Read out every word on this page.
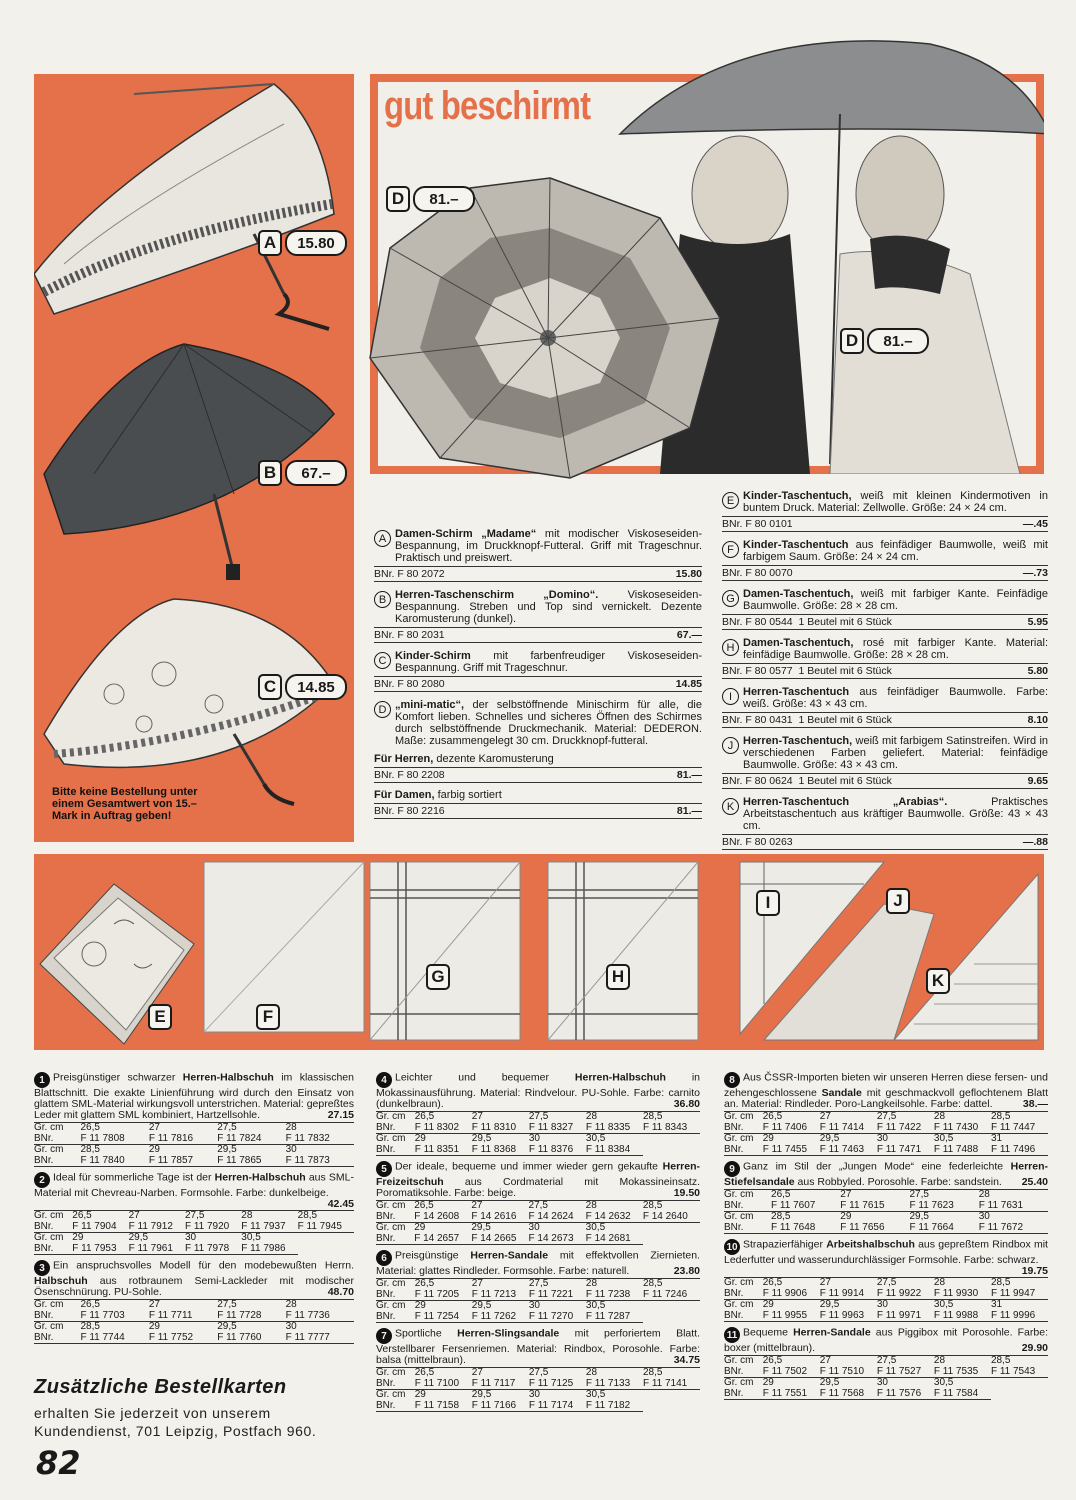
A	15.80
B	67.–
C	14.85
Bitte keine Bestellung unter einem Gesamtwert von 15.– Mark in Auftrag geben!
gut beschirmt
D	81.–
D	81.–
A Damen-Schirm „Madame“ mit modischer Viskoseseiden-Bespannung, im Druckknopf-Futteral. Griff mit Trageschnur. Praktisch und preiswert.
BNr. F 80 2072	15.80
B Herren-Taschenschirm „Domino“. Viskoseseiden-Bespannung. Streben und Top sind vernickelt. Dezente Karomusterung (dunkel).
BNr. F 80 2031	67.—
C Kinder-Schirm mit farbenfreudiger Viskoseseiden-Bespannung. Griff mit Trageschnur.
BNr. F 80 2080	14.85
D „mini-matic“, der selbstöffnende Minischirm für alle, die Komfort lieben. Schnelles und sicheres Öffnen des Schirmes durch selbstöffnende Druckmechanik. Material: DEDERON. Maße: zusammengelegt 30 cm. Druckknopf-futteral.
Für Herren, dezente Karomusterung
BNr. F 80 2208	81.—
Für Damen, farbig sortiert
BNr. F 80 2216	81.—
E Kinder-Taschentuch, weiß mit kleinen Kindermotiven in buntem Druck. Material: Zellwolle. Größe: 24 × 24 cm.
BNr. F 80 0101	—.45
F Kinder-Taschentuch aus feinfädiger Baumwolle, weiß mit farbigem Saum. Größe: 24 × 24 cm.
BNr. F 80 0070	—.73
G Damen-Taschentuch, weiß mit farbiger Kante. Feinfädige Baumwolle. Größe: 28 × 28 cm.
BNr. F 80 0544 1 Beutel mit 6 Stück	5.95
H Damen-Taschentuch, rosé mit farbiger Kante. Material: feinfädige Baumwolle. Größe: 28 × 28 cm.
BNr. F 80 0577 1 Beutel mit 6 Stück	5.80
I Herren-Taschentuch aus feinfädiger Baumwolle. Farbe: weiß. Größe: 43 × 43 cm.
BNr. F 80 0431 1 Beutel mit 6 Stück	8.10
J Herren-Taschentuch, weiß mit farbigem Satinstreifen. Wird in verschiedenen Farben geliefert. Material: feinfädige Baumwolle. Größe: 43 × 43 cm.
BNr. F 80 0624 1 Beutel mit 6 Stück	9.65
K Herren-Taschentuch „Arabias“. Praktisches Arbeitstaschentuch aus kräftiger Baumwolle. Größe: 43 × 43 cm.
BNr. F 80 0263	—.88
E	F
G	H
I	J
K
1 Preisgünstiger schwarzer Herren-Halbschuh im klassischen Blattschnitt. Die exakte Linienführung wird durch den Einsatz von glattem SML-Material wirkungsvoll unterstrichen. Material: gepreßtes Leder mit glattem SML kombiniert, Hartzellsohle.	27.15
Gr. cm	26,5	27	27,5	28
BNr.	F 11 7808	F 11 7816	F 11 7824	F 11 7832
Gr. cm	28,5	29	29,5	30
BNr.	F 11 7840	F 11 7857	F 11 7865	F 11 7873
2 Ideal für sommerliche Tage ist der Herren-Halbschuh aus SML-Material mit Chevreau-Narben. Formsohle. Farbe: dunkelbeige.
42.45
Gr. cm	26,5	27	27,5	28	28,5
BNr.	F 11 7904	F 11 7912	F 11 7920	F 11 7937	F 11 7945
Gr. cm	29	29,5	30	30,5	
BNr.	F 11 7953	F 11 7961	F 11 7978	F 11 7986	
3 Ein anspruchsvolles Modell für den modebewußten Herrn. Halbschuh aus rotbraunem Semi-Lackleder mit modischer Ösenschnürung. PU-Sohle.	48.70
Gr. cm	26,5	27	27,5	28
BNr.	F 11 7703	F 11 7711	F 11 7728	F 11 7736
Gr. cm	28,5	29	29,5	30
BNr.	F 11 7744	F 11 7752	F 11 7760	F 11 7777
4 Leichter und bequemer Herren-Halbschuh in Mokassinausführung. Material: Rindvelour. PU-Sohle. Farbe: carnito (dunkelbraun).	36.80
Gr. cm	26,5	27	27,5	28	28,5
BNr.	F 11 8302	F 11 8310	F 11 8327	F 11 8335	F 11 8343
Gr. cm	29	29,5	30	30,5	
BNr.	F 11 8351	F 11 8368	F 11 8376	F 11 8384	
5 Der ideale, bequeme und immer wieder gern gekaufte Herren-Freizeitschuh aus Cordmaterial mit Mokassineinsatz. Poromatiksohle. Farbe: beige.	19.50
Gr. cm	26,5	27	27,5	28	28,5
BNr.	F 14 2608	F 14 2616	F 14 2624	F 14 2632	F 14 2640
Gr. cm	29	29,5	30	30,5	
BNr.	F 14 2657	F 14 2665	F 14 2673	F 14 2681	
6 Preisgünstige Herren-Sandale mit effektvollen Ziernieten. Material: glattes Rindleder. Formsohle. Farbe: naturell.	23.80
Gr. cm	26,5	27	27,5	28	28,5
BNr.	F 11 7205	F 11 7213	F 11 7221	F 11 7238	F 11 7246
Gr. cm	29	29,5	30	30,5	
BNr.	F 11 7254	F 11 7262	F 11 7270	F 11 7287	
7 Sportliche Herren-Slingsandale mit perforiertem Blatt. Verstellbarer Fersenriemen. Material: Rindbox, Porosohle. Farbe: balsa (mittelbraun).	34.75
Gr. cm	26,5	27	27,5	28	28,5
BNr.	F 11 7100	F 11 7117	F 11 7125	F 11 7133	F 11 7141
Gr. cm	29	29,5	30	30,5	
BNr.	F 11 7158	F 11 7166	F 11 7174	F 11 7182	
8 Aus ČSSR-Importen bieten wir unseren Herren diese fersen- und zehengeschlossene Sandale mit geschmackvoll geflochtenem Blatt an. Material: Rindleder. Poro-Langkeilsohle. Farbe: dattel.	38.—
Gr. cm	26,5	27	27,5	28	28,5
BNr.	F 11 7406	F 11 7414	F 11 7422	F 11 7430	F 11 7447
Gr. cm	29	29,5	30	30,5	31
BNr.	F 11 7455	F 11 7463	F 11 7471	F 11 7488	F 11 7496
9 Ganz im Stil der „Jungen Mode“ eine federleichte Herren-Stiefelsandale aus Robbyled. Porosohle. Farbe: sandstein. 25.40
Gr. cm	26,5	27	27,5	28
BNr.	F 11 7607	F 11 7615	F 11 7623	F 11 7631
Gr. cm	28,5	29	29,5	30
BNr.	F 11 7648	F 11 7656	F 11 7664	F 11 7672
10 Strapazierfähiger Arbeitshalbschuh aus gepreßtem Rindbox mit Lederfutter und wasserundurchlässiger Formsohle. Farbe: schwarz.
19.75
Gr. cm	26,5	27	27,5	28	28,5
BNr.	F 11 9906	F 11 9914	F 11 9922	F 11 9930	F 11 9947
Gr. cm	29	29,5	30	30,5	31
BNr.	F 11 9955	F 11 9963	F 11 9971	F 11 9988	F 11 9996
11 Bequeme Herren-Sandale aus Piggibox mit Porosohle. Farbe: boxer (mittelbraun).	29.90
Gr. cm	26,5	27	27,5	28	28,5
BNr.	F 11 7502	F 11 7510	F 11 7527	F 11 7535	F 11 7543
Gr. cm	29	29,5	30	30,5	
BNr.	F 11 7551	F 11 7568	F 11 7576	F 11 7584	
Zusätzliche Bestellkarten
erhalten Sie jederzeit von unserem Kundendienst, 701 Leipzig, Postfach 960.
82
